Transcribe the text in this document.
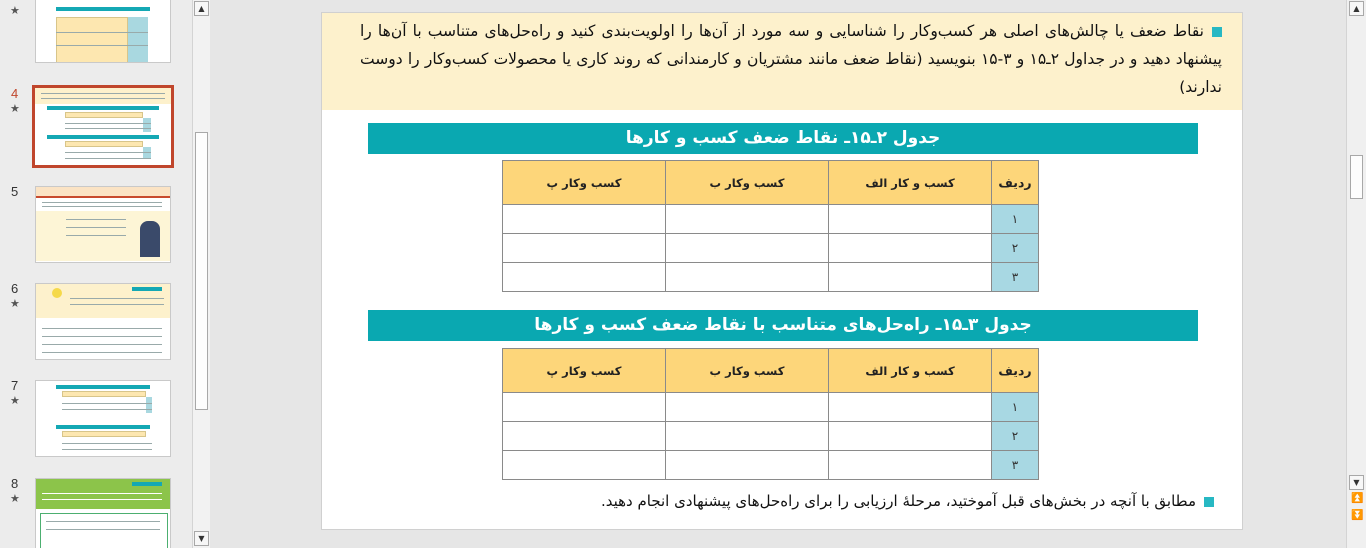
★
4
★
5
6
★
7
★
8
★
▲
▼
نقاط ضعف یا چالش‌های اصلی هر کسب‌وکار را شناسایی و سه مورد از آن‌ها را اولویت‌بندی کنید و راه‌حل‌های متناسب با آن‌ها را پیشنهاد دهید و در جداول ۲ـ۱۵ و ۳-۱۵ بنویسید (نقاط ضعف مانند مشتریان و کارمندانی که روند کاری یا محصولات کسب‌وکار را دوست ندارند)
جدول ۲ـ۱۵ـ نقاط ضعف کسب و کارها
ردیف	کسب و کار الف	کسب وکار ب	کسب وکار پ
۱			
۲			
۳			
جدول ۳ـ۱۵ـ راه‌حل‌های متناسب با نقاط ضعف کسب و کارها
ردیف	کسب و کار الف	کسب وکار ب	کسب وکار پ
۱			
۲			
۳			
مطابق با آنچه در بخش‌های قبل آموختید، مرحلۀ ارزیابی را برای راه‌حل‌های پیشنهادی انجام دهید.
▲
▼
⏫
⏬
